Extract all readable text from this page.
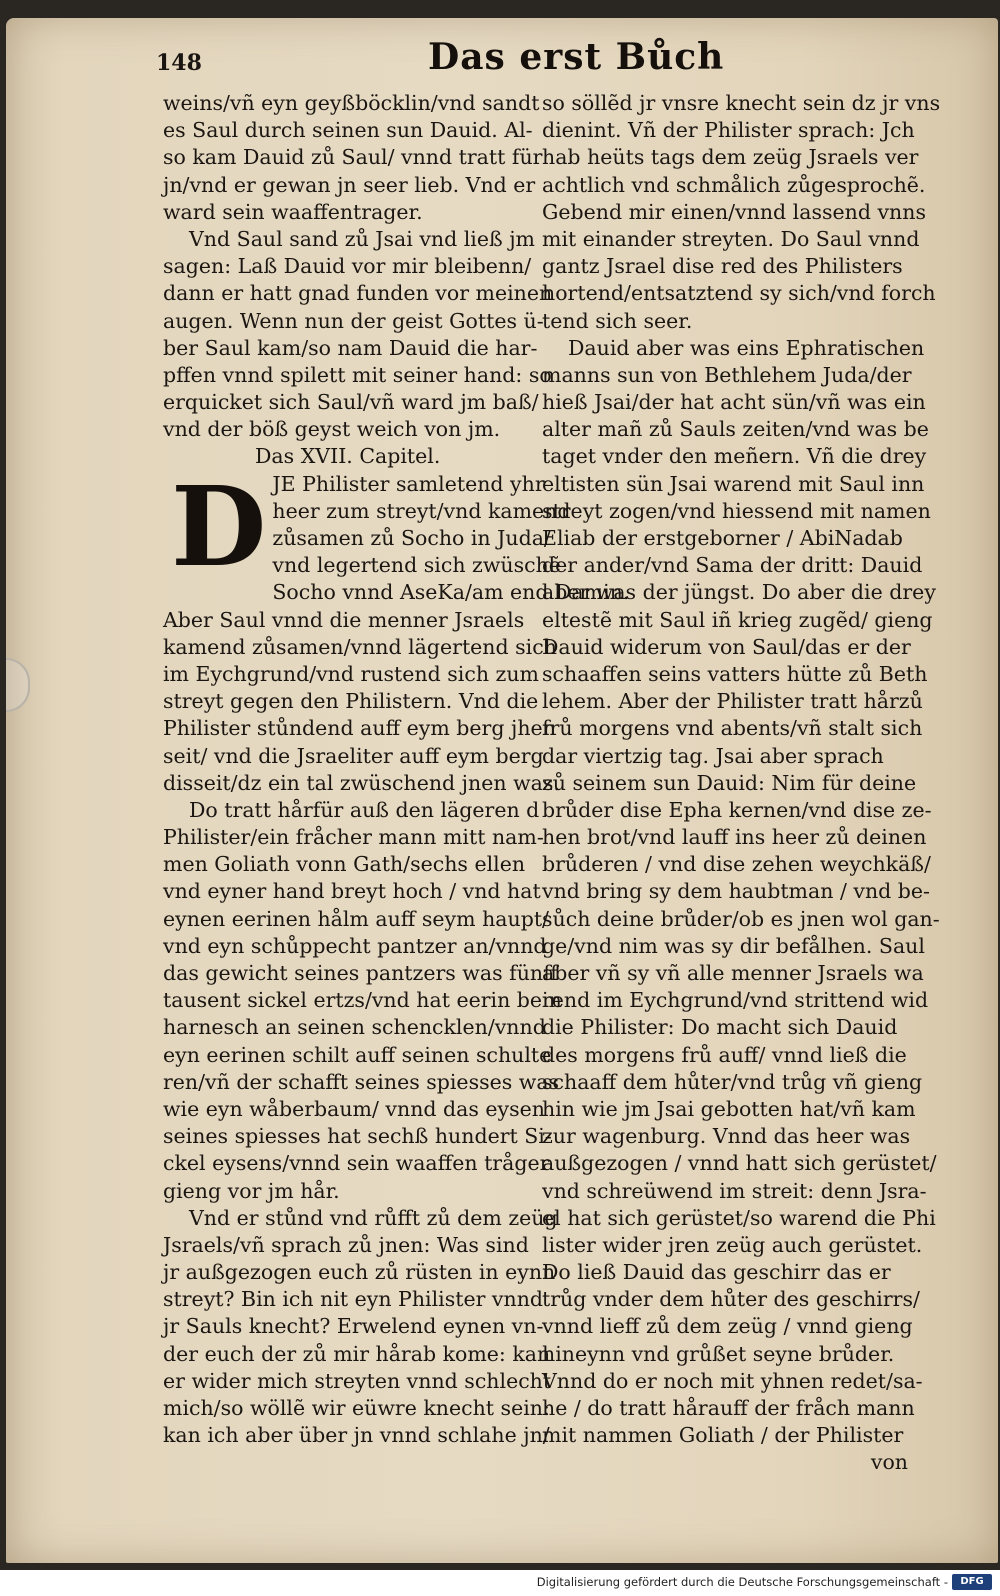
148	Das erst Bůch
weins/vñ eyn geyßböcklin/vnd sandt
es Saul durch seinen sun Dauid. Al-
so kam Dauid zů Saul/ vnnd tratt für
jn/vnd er gewan jn seer lieb. Vnd er
ward sein waaffentrager.
Vnd Saul sand zů Jsai vnd ließ jm
sagen: Laß Dauid vor mir bleibenn/
dann er hatt gnad funden vor meinen
augen. Wenn nun der geist Gottes ü-
ber Saul kam/so nam Dauid die har-
pffen vnnd spilett mit seiner hand: so
erquicket sich Saul/vñ ward jm baß/
vnd der böß geyst weich von jm.
Das XVII. Capitel.
D JE Philister samletend yhr
heer zum streyt/vnd kamend
zůsamen zů Socho in Juda/
vnd legertend sich zwüschẽ
Socho vnnd AseKa/am end Damin.
Aber Saul vnnd die menner Jsraels
kamend zůsamen/vnnd lägertend sich
im Eychgrund/vnd rustend sich zum
streyt gegen den Philistern. Vnd die
Philister stůndend auff eym berg jhen
seit/ vnd die Jsraeliter auff eym berg
disseit/dz ein tal zwüschend jnen was.
Do tratt hårfür auß den lägeren d
Philister/ein fråcher mann mitt nam-
men Goliath vonn Gath/sechs ellen
vnd eyner hand breyt hoch / vnd hat
eynen eerinen hålm auff seym haupt/
vnd eyn schůppecht pantzer an/vnnd
das gewicht seines pantzers was fünff
tausent sickel ertzs/vnd hat eerin bein
harnesch an seinen schencklen/vnnd
eyn eerinen schilt auff seinen schulte
ren/vñ der schafft seines spiesses was
wie eyn wåberbaum/ vnnd das eysen
seines spiesses hat sechß hundert Si-
ckel eysens/vnnd sein waaffen tråger
gieng vor jm hår.
Vnd er stůnd vnd růfft zů dem zeüg
Jsraels/vñ sprach zů jnen: Was sind
jr außgezogen euch zů rüsten in eynn
streyt? Bin ich nit eyn Philister vnnd
jr Sauls knecht? Erwelend eynen vn-
der euch der zů mir hårab kome: kan
er wider mich streyten vnnd schlecht
mich/so wöllẽ wir eüwre knecht sein:
kan ich aber über jn vnnd schlahe jn/
so söllẽd jr vnsre knecht sein dz jr vns
dienint. Vñ der Philister sprach: Jch
hab heüts tags dem zeüg Jsraels ver
achtlich vnd schmålich zůgesprochẽ.
Gebend mir einen/vnnd lassend vnns
mit einander streyten. Do Saul vnnd
gantz Jsrael dise red des Philisters
hortend/entsatztend sy sich/vnd forch
tend sich seer.
Dauid aber was eins Ephratischen
manns sun von Bethlehem Juda/der
hieß Jsai/der hat acht sün/vñ was ein
alter mañ zů Sauls zeiten/vnd was be
taget vnder den meñern. Vñ die drey
eltisten sün Jsai warend mit Saul inn
streyt zogen/vnd hiessend mit namen
Eliab der erstgeborner / AbiNadab
der ander/vnd Sama der dritt: Dauid
aber was der jüngst. Do aber die drey
eltestẽ mit Saul iñ krieg zugẽd/ gieng
Dauid widerum von Saul/das er der
schaaffen seins vatters hütte zů Beth
lehem. Aber der Philister tratt hårzů
frů morgens vnd abents/vñ stalt sich
dar viertzig tag. Jsai aber sprach
zů seinem sun Dauid: Nim für deine
brůder dise Epha kernen/vnd dise ze-
hen brot/vnd lauff ins heer zů deinen
brůderen / vnd dise zehen weychkäß/
vnd bring sy dem haubtman / vnd be-
sůch deine brůder/ob es jnen wol gan-
ge/vnd nim was sy dir befålhen. Saul
aber vñ sy vñ alle menner Jsraels wa
rend im Eychgrund/vnd strittend wid
die Philister: Do macht sich Dauid
des morgens frů auff/ vnnd ließ die
schaaff dem hůter/vnd trůg vñ gieng
hin wie jm Jsai gebotten hat/vñ kam
zur wagenburg. Vnnd das heer was
außgezogen / vnnd hatt sich gerüstet/
vnd schreüwend im streit: denn Jsra-
el hat sich gerüstet/so warend die Phi
lister wider jren zeüg auch gerüstet.
Do ließ Dauid das geschirr das er
trůg vnder dem hůter des geschirrs/
vnnd lieff zů dem zeüg / vnnd gieng
hineynn vnd grůßet seyne brůder.
Vnnd do er noch mit yhnen redet/sa-
he / do tratt hårauff der fråch mann
mit nammen Goliath / der Philister
von
Digitalisierung gefördert durch die Deutsche Forschungsgemeinschaft -	DFG
